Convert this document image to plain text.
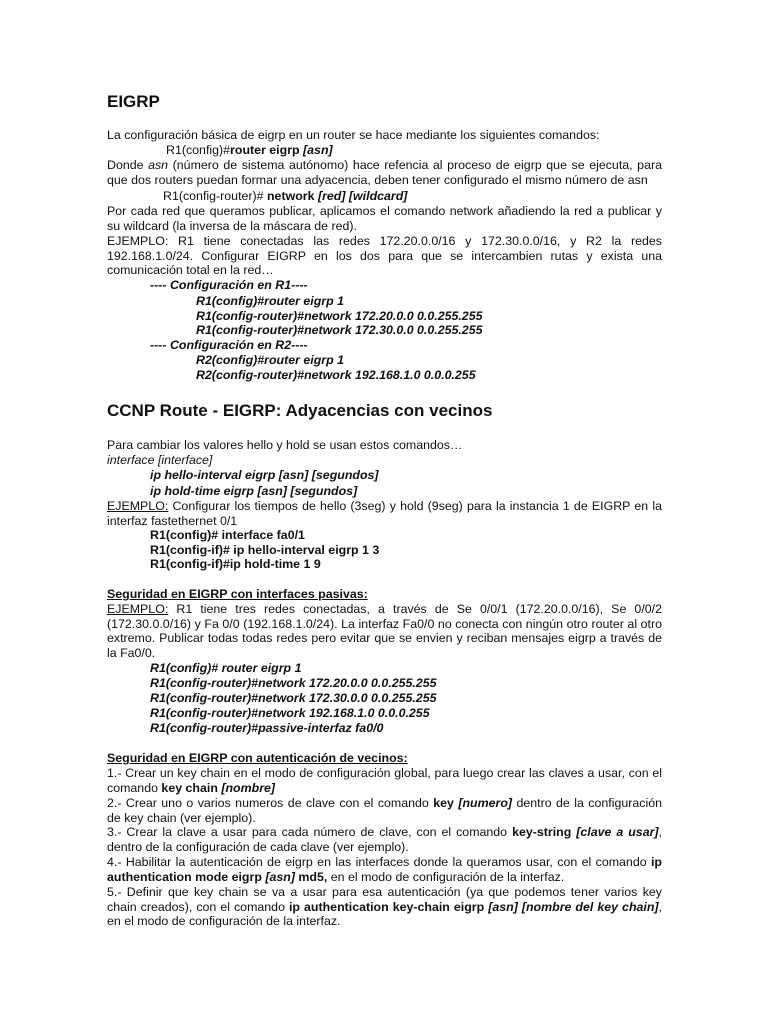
EIGRP
La configuración básica de eigrp en un router se hace mediante los siguientes comandos:
R1(config)#router eigrp [asn]
Donde asn (número de sistema autónomo) hace refencia al proceso de eigrp que se ejecuta, para que dos routers puedan formar una adyacencia, deben tener configurado el mismo número de asn
R1(config-router)# network [red] [wildcard]
Por cada red que queramos publicar, aplicamos el comando network añadiendo la red a publicar y su wildcard (la inversa de la máscara de red).
EJEMPLO: R1 tiene conectadas las redes 172.20.0.0/16 y 172.30.0.0/16, y R2 la redes 192.168.1.0/24. Configurar EIGRP en los dos para que se intercambien rutas y exista una comunicación total en la red…
---- Configuración en R1----
R1(config)#router eigrp 1
R1(config-router)#network 172.20.0.0 0.0.255.255
R1(config-router)#network 172.30.0.0 0.0.255.255
---- Configuración en R2----
R2(config)#router eigrp 1
R2(config-router)#network 192.168.1.0 0.0.0.255
CCNP Route - EIGRP: Adyacencias con vecinos
Para cambiar los valores hello y hold se usan estos comandos…
interface [interface]
ip hello-interval eigrp [asn] [segundos]
ip hold-time eigrp [asn] [segundos]
EJEMPLO: Configurar los tiempos de hello (3seg) y hold (9seg) para la instancia 1 de EIGRP en la interfaz fastethernet 0/1
R1(config)# interface fa0/1
R1(config-if)# ip hello-interval eigrp 1 3
R1(config-if)#ip hold-time 1 9
Seguridad en EIGRP con interfaces pasivas:
EJEMPLO: R1 tiene tres redes conectadas, a través de Se 0/0/1 (172.20.0.0/16), Se 0/0/2 (172.30.0.0/16) y Fa 0/0 (192.168.1.0/24). La interfaz Fa0/0 no conecta con ningún otro router al otro extremo. Publicar todas todas redes pero evitar que se envien y reciban mensajes eigrp a través de la Fa0/0.
R1(config)# router eigrp 1
R1(config-router)#network 172.20.0.0 0.0.255.255
R1(config-router)#network 172.30.0.0 0.0.255.255
R1(config-router)#network 192.168.1.0 0.0.0.255
R1(config-router)#passive-interfaz fa0/0
Seguridad en EIGRP con autenticación de vecinos:
1.- Crear un key chain en el modo de configuración global, para luego crear las claves a usar, con el comando key chain [nombre]
2.- Crear uno o varios numeros de clave con el comando key [numero] dentro de la configuración de key chain (ver ejemplo).
3.- Crear la clave a usar para cada número de clave, con el comando key-string [clave a usar], dentro de la configuración de cada clave (ver ejemplo).
4.- Habilitar la autenticación de eigrp en las interfaces donde la queramos usar, con el comando ip authentication mode eigrp [asn] md5, en el modo de configuración de la interfaz.
5.- Definir que key chain se va a usar para esa autenticación (ya que podemos tener varios key chain creados), con el comando ip authentication key-chain eigrp [asn] [nombre del key chain], en el modo de configuración de la interfaz.
